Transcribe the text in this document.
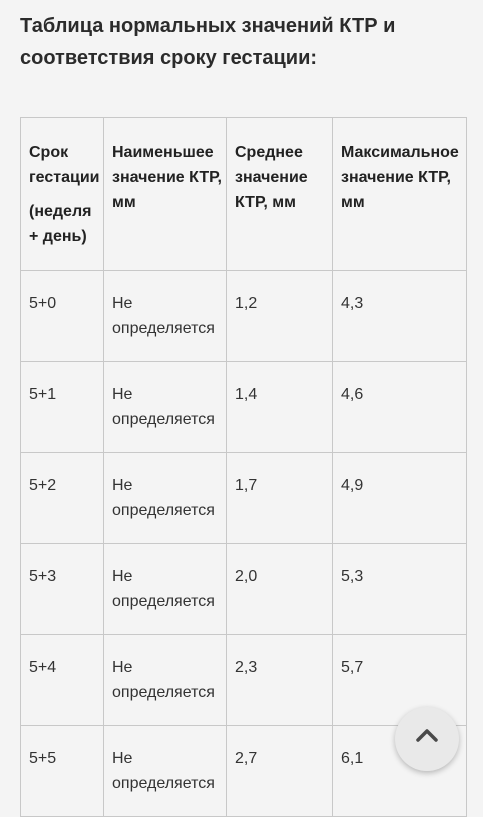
Таблица нормальных значений КТР и соответствия сроку гестации:
Срок гестации
(неделя + день)	Наименьшее значение КТР, мм	Среднее значение КТР, мм	Максимальное значение КТР, мм

5+0	Не определяется	1,2	4,3

5+1	Не определяется	1,4	4,6

5+2	Не определяется	1,7	4,9

5+3	Не определяется	2,0	5,3

5+4	Не определяется	2,3	5,7

5+5	Не определяется	2,7	6,1
